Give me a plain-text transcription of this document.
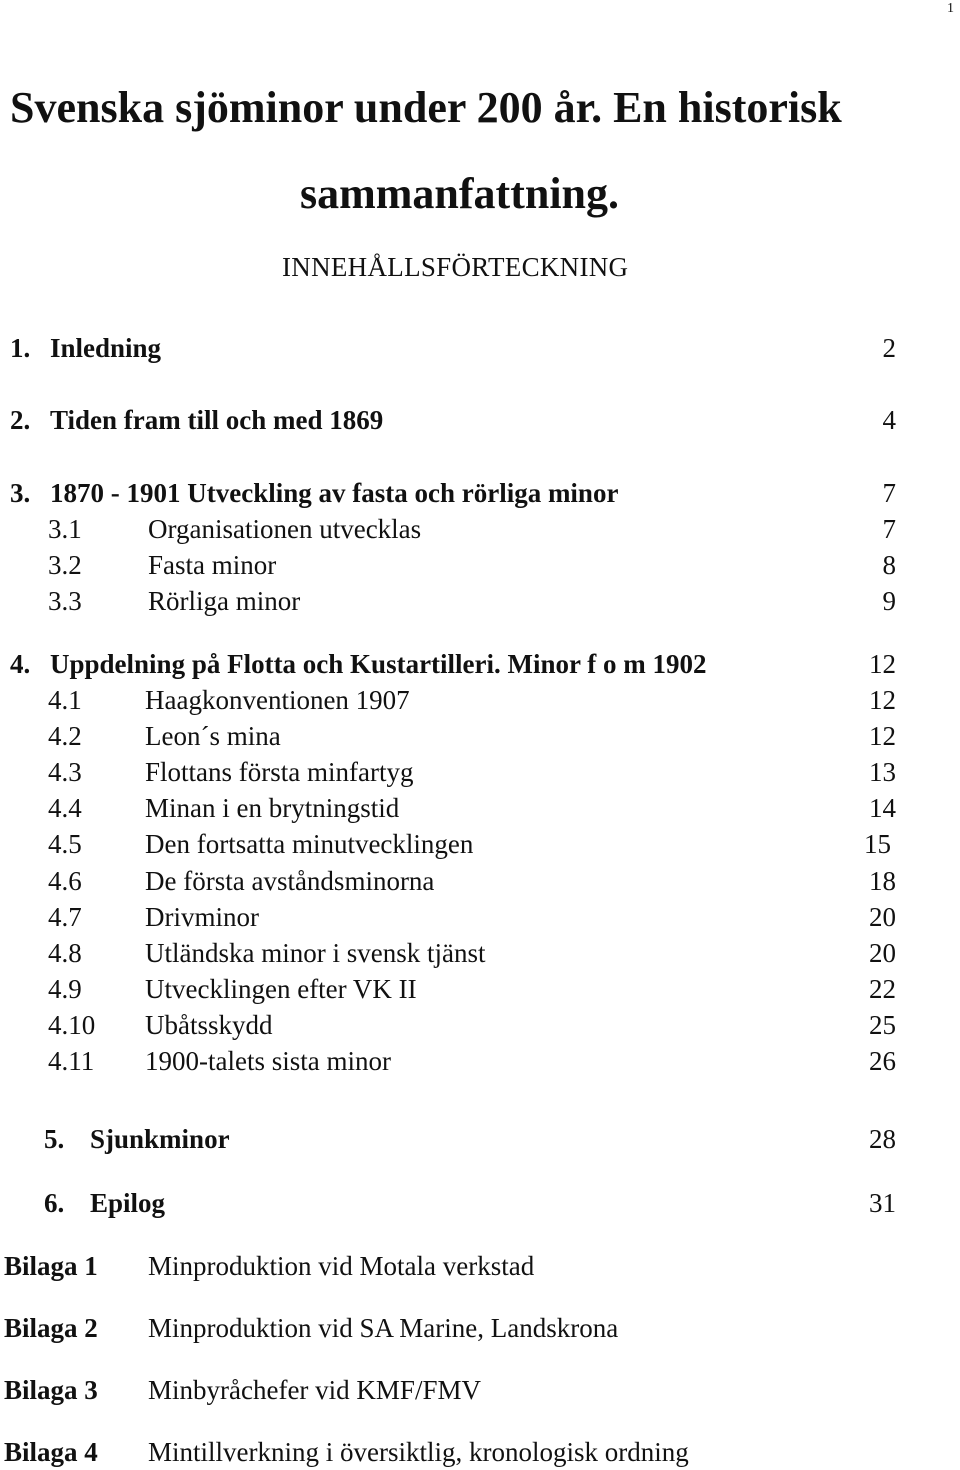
1
Svenska sjöminor under 200 år. En historisk
sammanfattning.
INNEHÅLLSFÖRTECKNING
1. Inledning	2
2. Tiden fram till och med 1869	4
3. 1870 - 1901 Utveckling av fasta och rörliga minor	7
3.1 Organisationen utvecklas	7
3.2 Fasta minor	8
3.3 Rörliga minor	9
4. Uppdelning på Flotta och Kustartilleri. Minor f o m 1902	12
4.1 Haagkonventionen 1907	12
4.2 Leon´s mina	12
4.3 Flottans första minfartyg	13
4.4 Minan i en brytningstid	14
4.5 Den fortsatta minutvecklingen	15
4.6 De första avståndsminorna	18
4.7 Drivminor	20
4.8 Utländska minor i svensk tjänst	20
4.9 Utvecklingen efter VK II	22
4.10 Ubåtsskydd	25
4.11 1900-talets sista minor	26
5. Sjunkminor	28
6. Epilog	31
Bilaga 1 Minproduktion vid Motala verkstad
Bilaga 2 Minproduktion vid SA Marine, Landskrona
Bilaga 3 Minbyråchefer vid KMF/FMV
Bilaga 4 Mintillverkning i översiktlig, kronologisk ordning
